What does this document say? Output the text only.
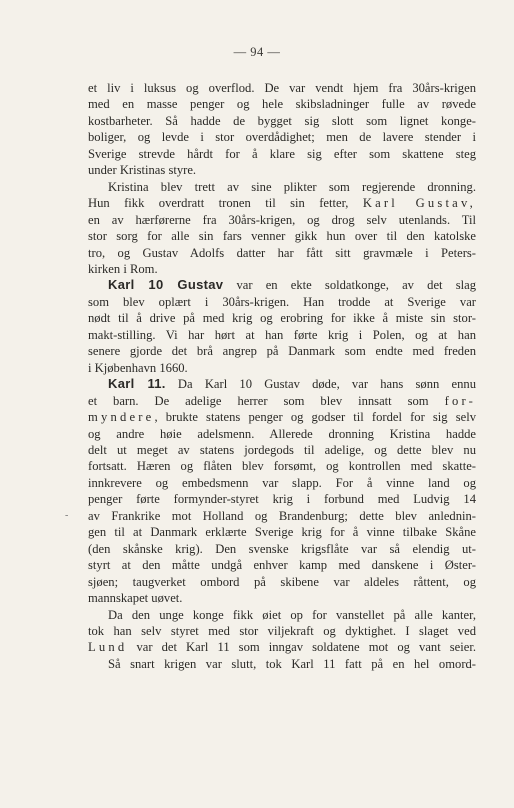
— 94 —
-
et liv i luksus og overflod. De var vendt hjem fra 30års-krigen
med en masse penger og hele skibsladninger fulle av røvede
kostbarheter. Så hadde de bygget sig slott som lignet konge-
boliger, og levde i stor overdådighet; men de lavere stender i
Sverige strevde hårdt for å klare sig efter som skattene steg
under Kristinas styre.
Kristina blev trett av sine plikter som regjerende dronning.
Hun fikk overdratt tronen til sin fetter, Karl Gustav,
en av hærførerne fra 30års-krigen, og drog selv utenlands. Til
stor sorg for alle sin fars venner gikk hun over til den katolske
tro, og Gustav Adolfs datter har fått sitt gravmæle i Peters-
kirken i Rom.
Karl 10 Gustav var en ekte soldatkonge, av det slag
som blev oplært i 30års-krigen. Han trodde at Sverige var
nødt til å drive på med krig og erobring for ikke å miste sin stor-
makt-stilling. Vi har hørt at han førte krig i Polen, og at han
senere gjorde det brå angrep på Danmark som endte med freden
i Kjøbenhavn 1660.
Karl 11. Da Karl 10 Gustav døde, var hans sønn ennu
et barn. De adelige herrer som blev innsatt som for-
myndere, brukte statens penger og godser til fordel for sig selv
og andre høie adelsmenn. Allerede dronning Kristina hadde
delt ut meget av statens jordegods til adelige, og dette blev nu
fortsatt. Hæren og flåten blev forsømt, og kontrollen med skatte-
innkrevere og embedsmenn var slapp. For å vinne land og
penger førte formynder-styret krig i forbund med Ludvig 14
av Frankrike mot Holland og Brandenburg; dette blev anlednin-
gen til at Danmark erklærte Sverige krig for å vinne tilbake Skåne
(den skånske krig). Den svenske krigsflåte var så elendig ut-
styrt at den måtte undgå enhver kamp med danskene i Øster-
sjøen; taugverket ombord på skibene var aldeles råttent, og
mannskapet uøvet.
Da den unge konge fikk øiet op for vanstellet på alle kanter,
tok han selv styret med stor viljekraft og dyktighet. I slaget ved
Lund var det Karl 11 som inngav soldatene mot og vant seier.
Så snart krigen var slutt, tok Karl 11 fatt på en hel omord-
